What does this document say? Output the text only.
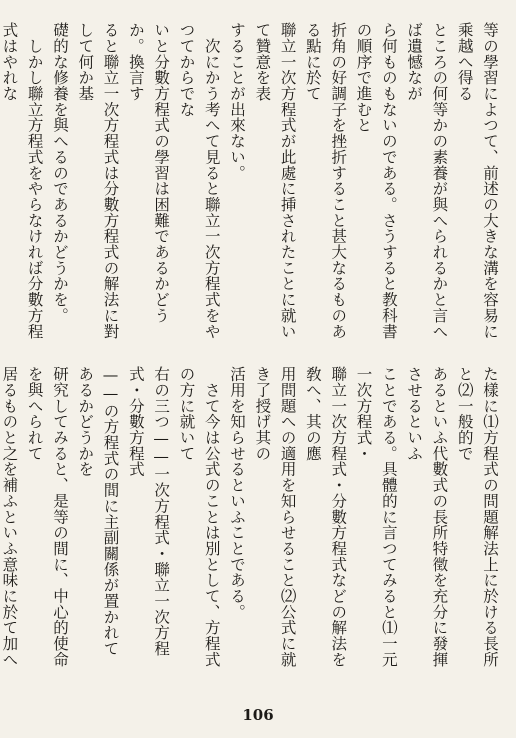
等の學習によつて、前述の大きな溝を容易に乘越へ得る
ところの何等かの素養が與へられるかと言へば遺憾なが
ら何ものもないのである。さうすると教科書の順序で進むと
折角の好調子を挫折すること甚大なるものある點に於て
聯立一次方程式が此處に挿されたことに就いて贊意を表
することが出來ない。
　次にかう考へて見ると聯立一次方程式をやつてからでな
いと分數方程式の學習は困難であるかどうか。換言す
ると聯立一次方程式は分數方程式の解法に對して何か基
礎的な修養を與へるのであるかどうかを。
　しかし聯立方程式をやらなければ分數方程式はやれな

た樣に⑴方程式の問題解法上に於ける長所と⑵一般的で
あるといふ代數式の長所特徵を充分に發揮させるといふ
ことである。具體的に言つてみると⑴一元一次方程式・
聯立一次方程式・分數方程式などの解法を敎へ、其の應
用問題への適用を知らせること⑵公式に就き了授げ其の
活用を知らせるといふことである。
　さて今は公式のことは別として、方程式の方に就いて
右の三つ——一次方程式・聯立一次方程式・分數方程式
——の方程式の間に主副關係が置かれてあるかどうかを
研究してみると、是等の間に、中心的使命を與へられて
居るものと之を補ふといふ意味に於て加へ

106
